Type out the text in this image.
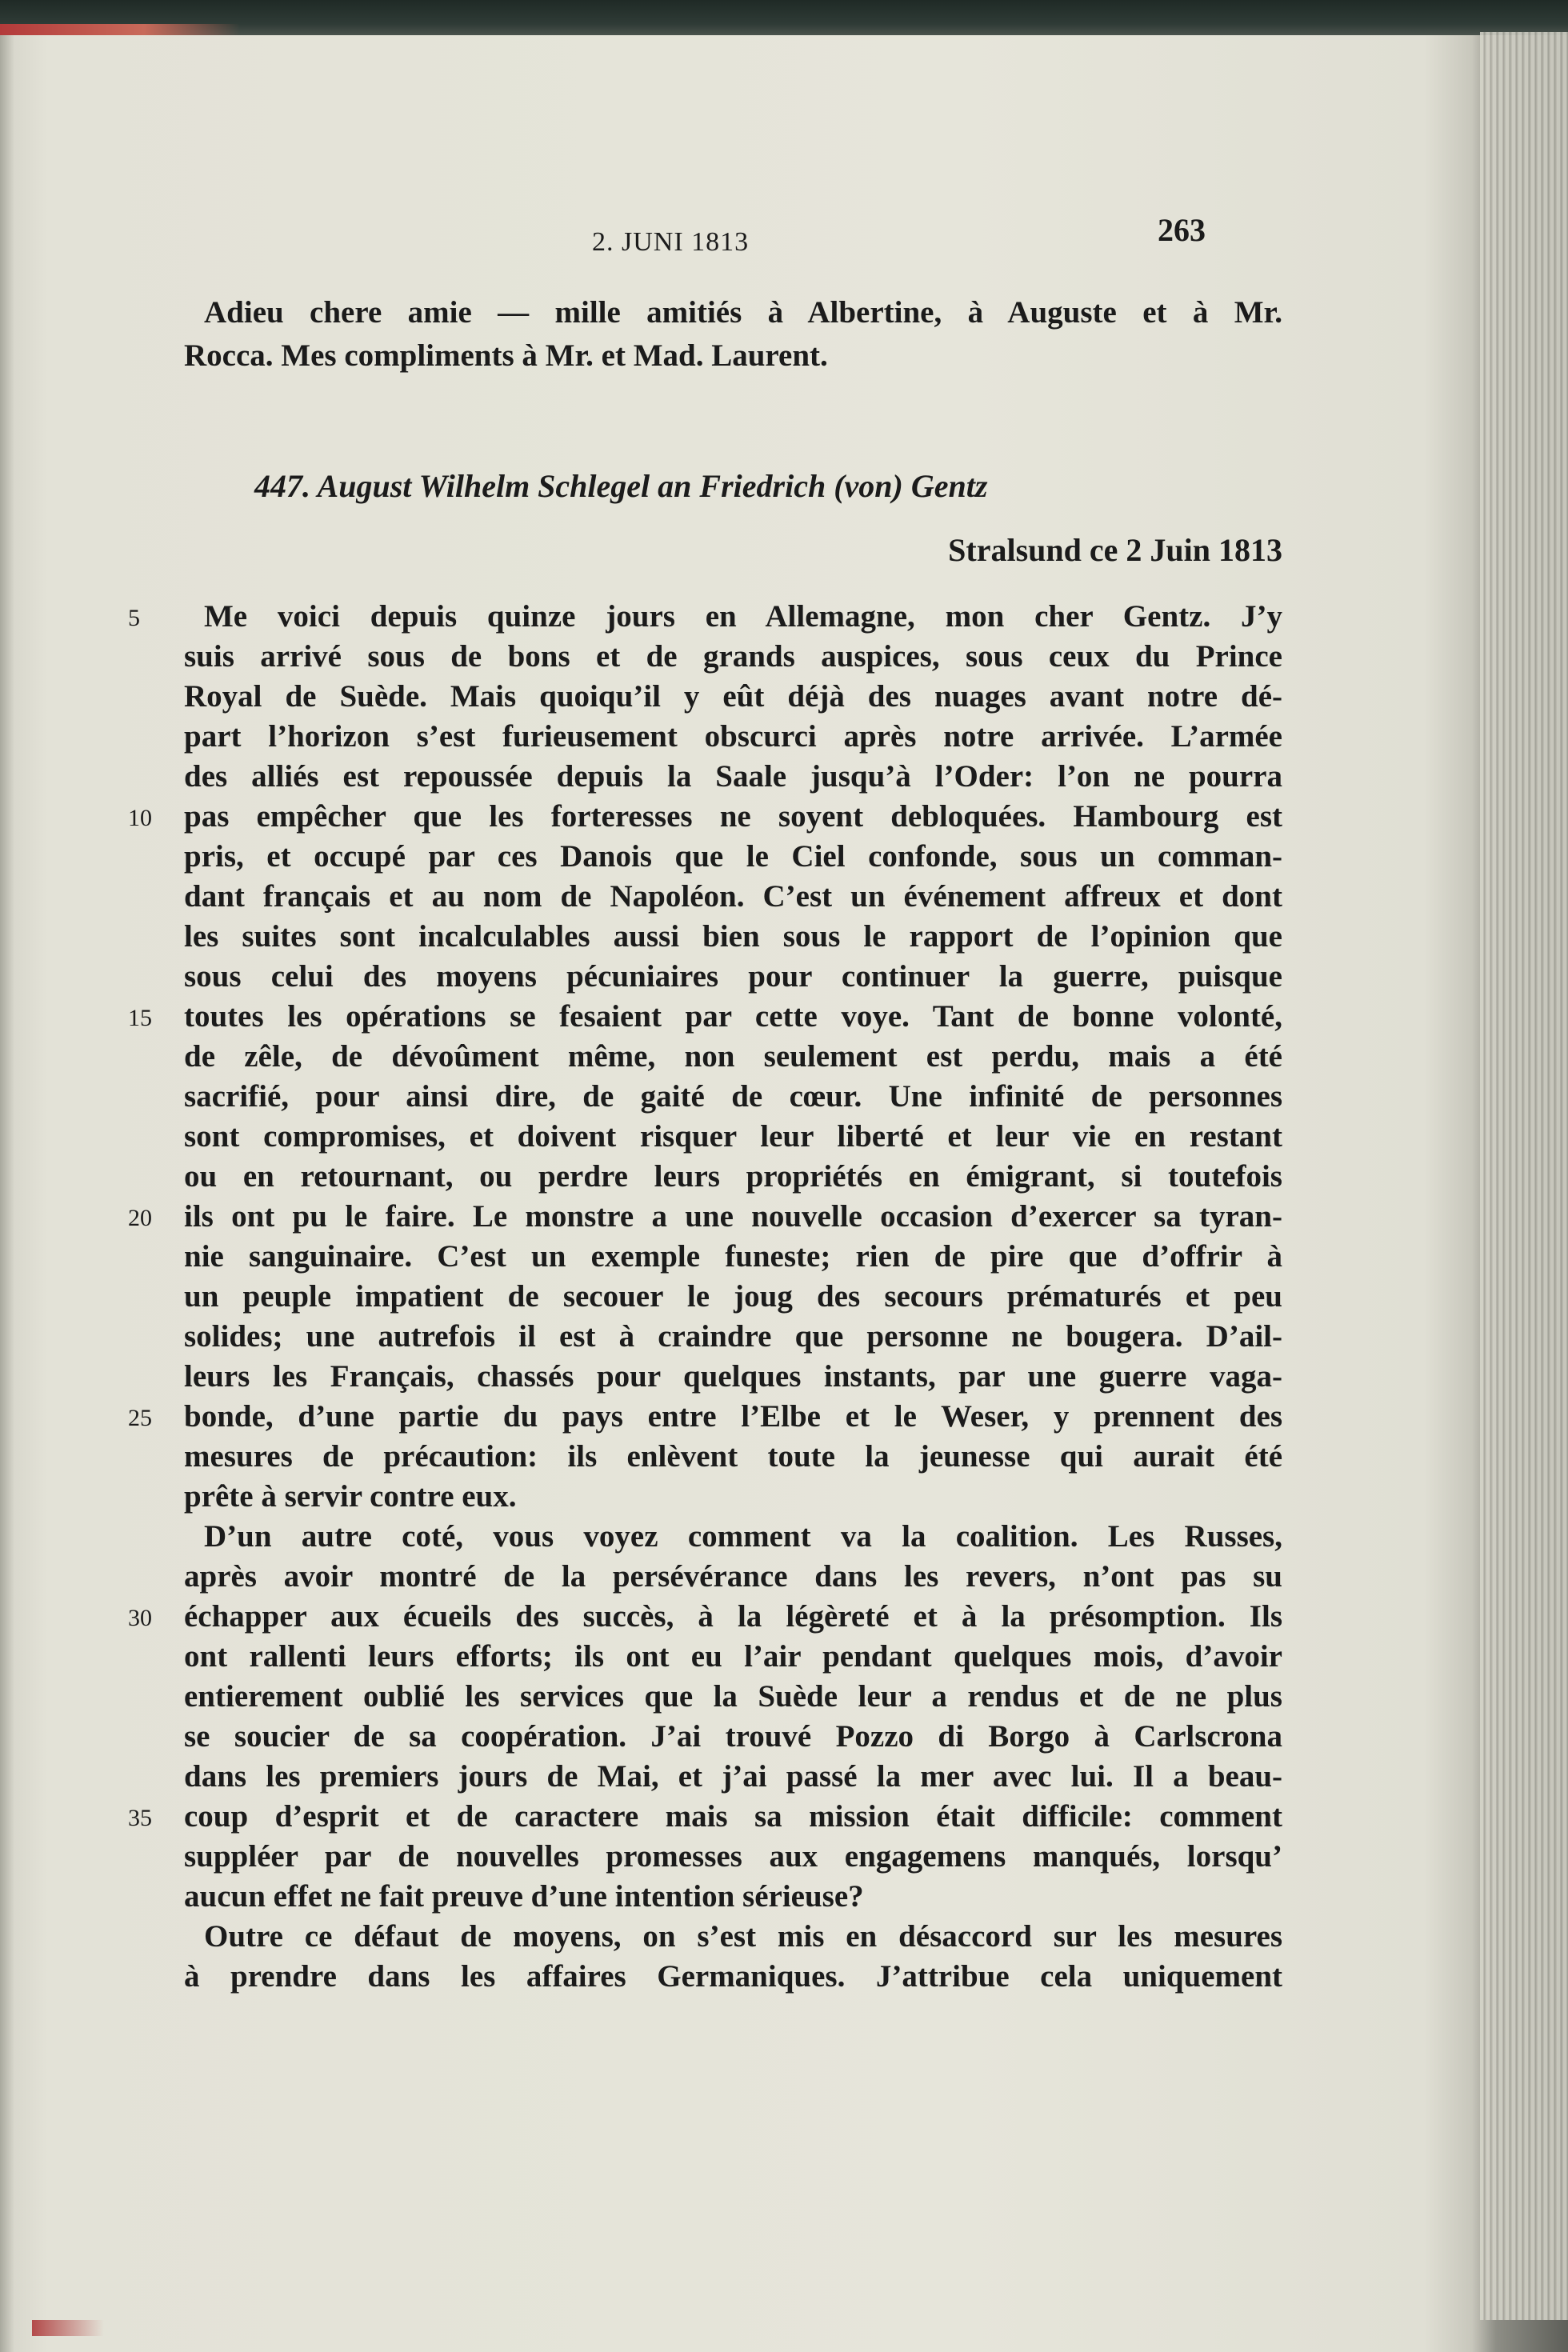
2. JUNI 1813	263
Adieu chere amie — mille amitiés à Albertine, à Auguste et à Mr.
Rocca. Mes compliments à Mr. et Mad. Laurent.
447. August Wilhelm Schlegel an Friedrich (von) Gentz
Stralsund ce 2 Juin 1813
Me voici depuis quinze jours en Allemagne, mon cher Gentz. J’y
suis arrivé sous de bons et de grands auspices, sous ceux du Prince
Royal de Suède. Mais quoiqu’il y eût déjà des nuages avant notre dé-
part l’horizon s’est furieusement obscurci après notre arrivée. L’armée
des alliés est repoussée depuis la Saale jusqu’à l’Oder: l’on ne pourra
pas empêcher que les forteresses ne soyent debloquées. Hambourg est
pris, et occupé par ces Danois que le Ciel confonde, sous un comman-
dant français et au nom de Napoléon. C’est un événement affreux et dont
les suites sont incalculables aussi bien sous le rapport de l’opinion que
sous celui des moyens pécuniaires pour continuer la guerre, puisque
toutes les opérations se fesaient par cette voye. Tant de bonne volonté,
de zêle, de dévoûment même, non seulement est perdu, mais a été
sacrifié, pour ainsi dire, de gaité de cœur. Une infinité de personnes
sont compromises, et doivent risquer leur liberté et leur vie en restant
ou en retournant, ou perdre leurs propriétés en émigrant, si toutefois
ils ont pu le faire. Le monstre a une nouvelle occasion d’exercer sa tyran-
nie sanguinaire. C’est un exemple funeste; rien de pire que d’offrir à
un peuple impatient de secouer le joug des secours prématurés et peu
solides; une autrefois il est à craindre que personne ne bougera. D’ail-
leurs les Français, chassés pour quelques instants, par une guerre vaga-
bonde, d’une partie du pays entre l’Elbe et le Weser, y prennent des
mesures de précaution: ils enlèvent toute la jeunesse qui aurait été
prête à servir contre eux.
D’un autre coté, vous voyez comment va la coalition. Les Russes,
après avoir montré de la persévérance dans les revers, n’ont pas su
échapper aux écueils des succès, à la légèreté et à la présomption. Ils
ont rallenti leurs efforts; ils ont eu l’air pendant quelques mois, d’avoir
entierement oublié les services que la Suède leur a rendus et de ne plus
se soucier de sa coopération. J’ai trouvé Pozzo di Borgo à Carlscrona
dans les premiers jours de Mai, et j’ai passé la mer avec lui. Il a beau-
coup d’esprit et de caractere mais sa mission était difficile: comment
suppléer par de nouvelles promesses aux engagemens manqués, lorsqu’
aucun effet ne fait preuve d’une intention sérieuse?
Outre ce défaut de moyens, on s’est mis en désaccord sur les mesures
à prendre dans les affaires Germaniques. J’attribue cela uniquement
5
10
15
20
25
30
35
